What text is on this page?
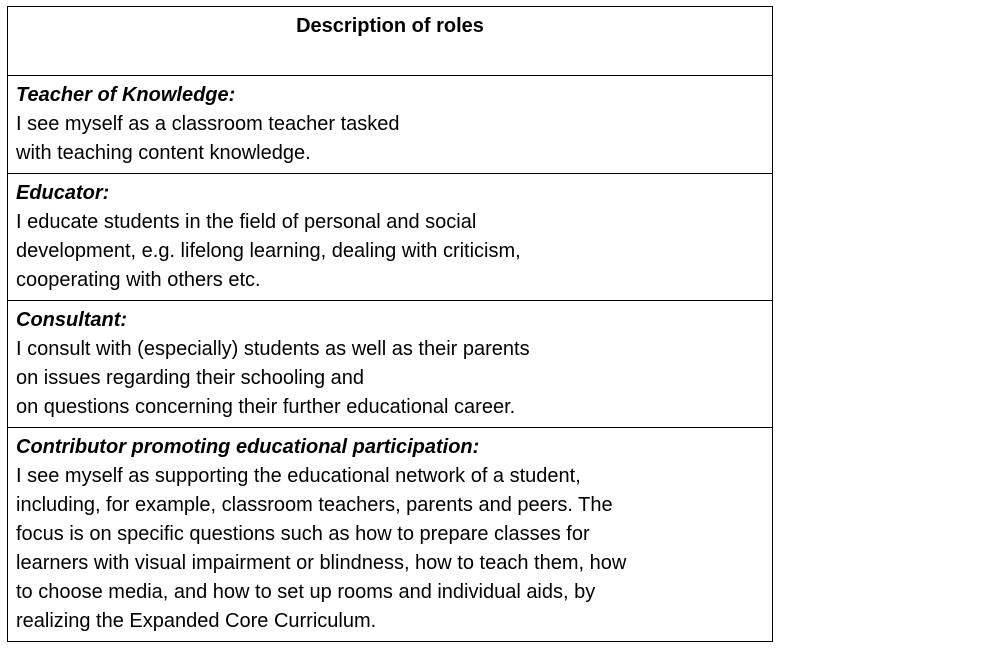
Description of roles

Teacher of Knowledge:
I see myself as a classroom teacher tasked
with teaching content knowledge.

Educator:
I educate students in the field of personal and social
development, e.g. lifelong learning, dealing with criticism,
cooperating with others etc.

Consultant:
I consult with (especially) students as well as their parents
on issues regarding their schooling and
on questions concerning their further educational career.

Contributor promoting educational participation:
I see myself as supporting the educational network of a student,
including, for example, classroom teachers, parents and peers. The
focus is on specific questions such as how to prepare classes for
learners with visual impairment or blindness, how to teach them, how
to choose media, and how to set up rooms and individual aids, by
realizing the Expanded Core Curriculum.
